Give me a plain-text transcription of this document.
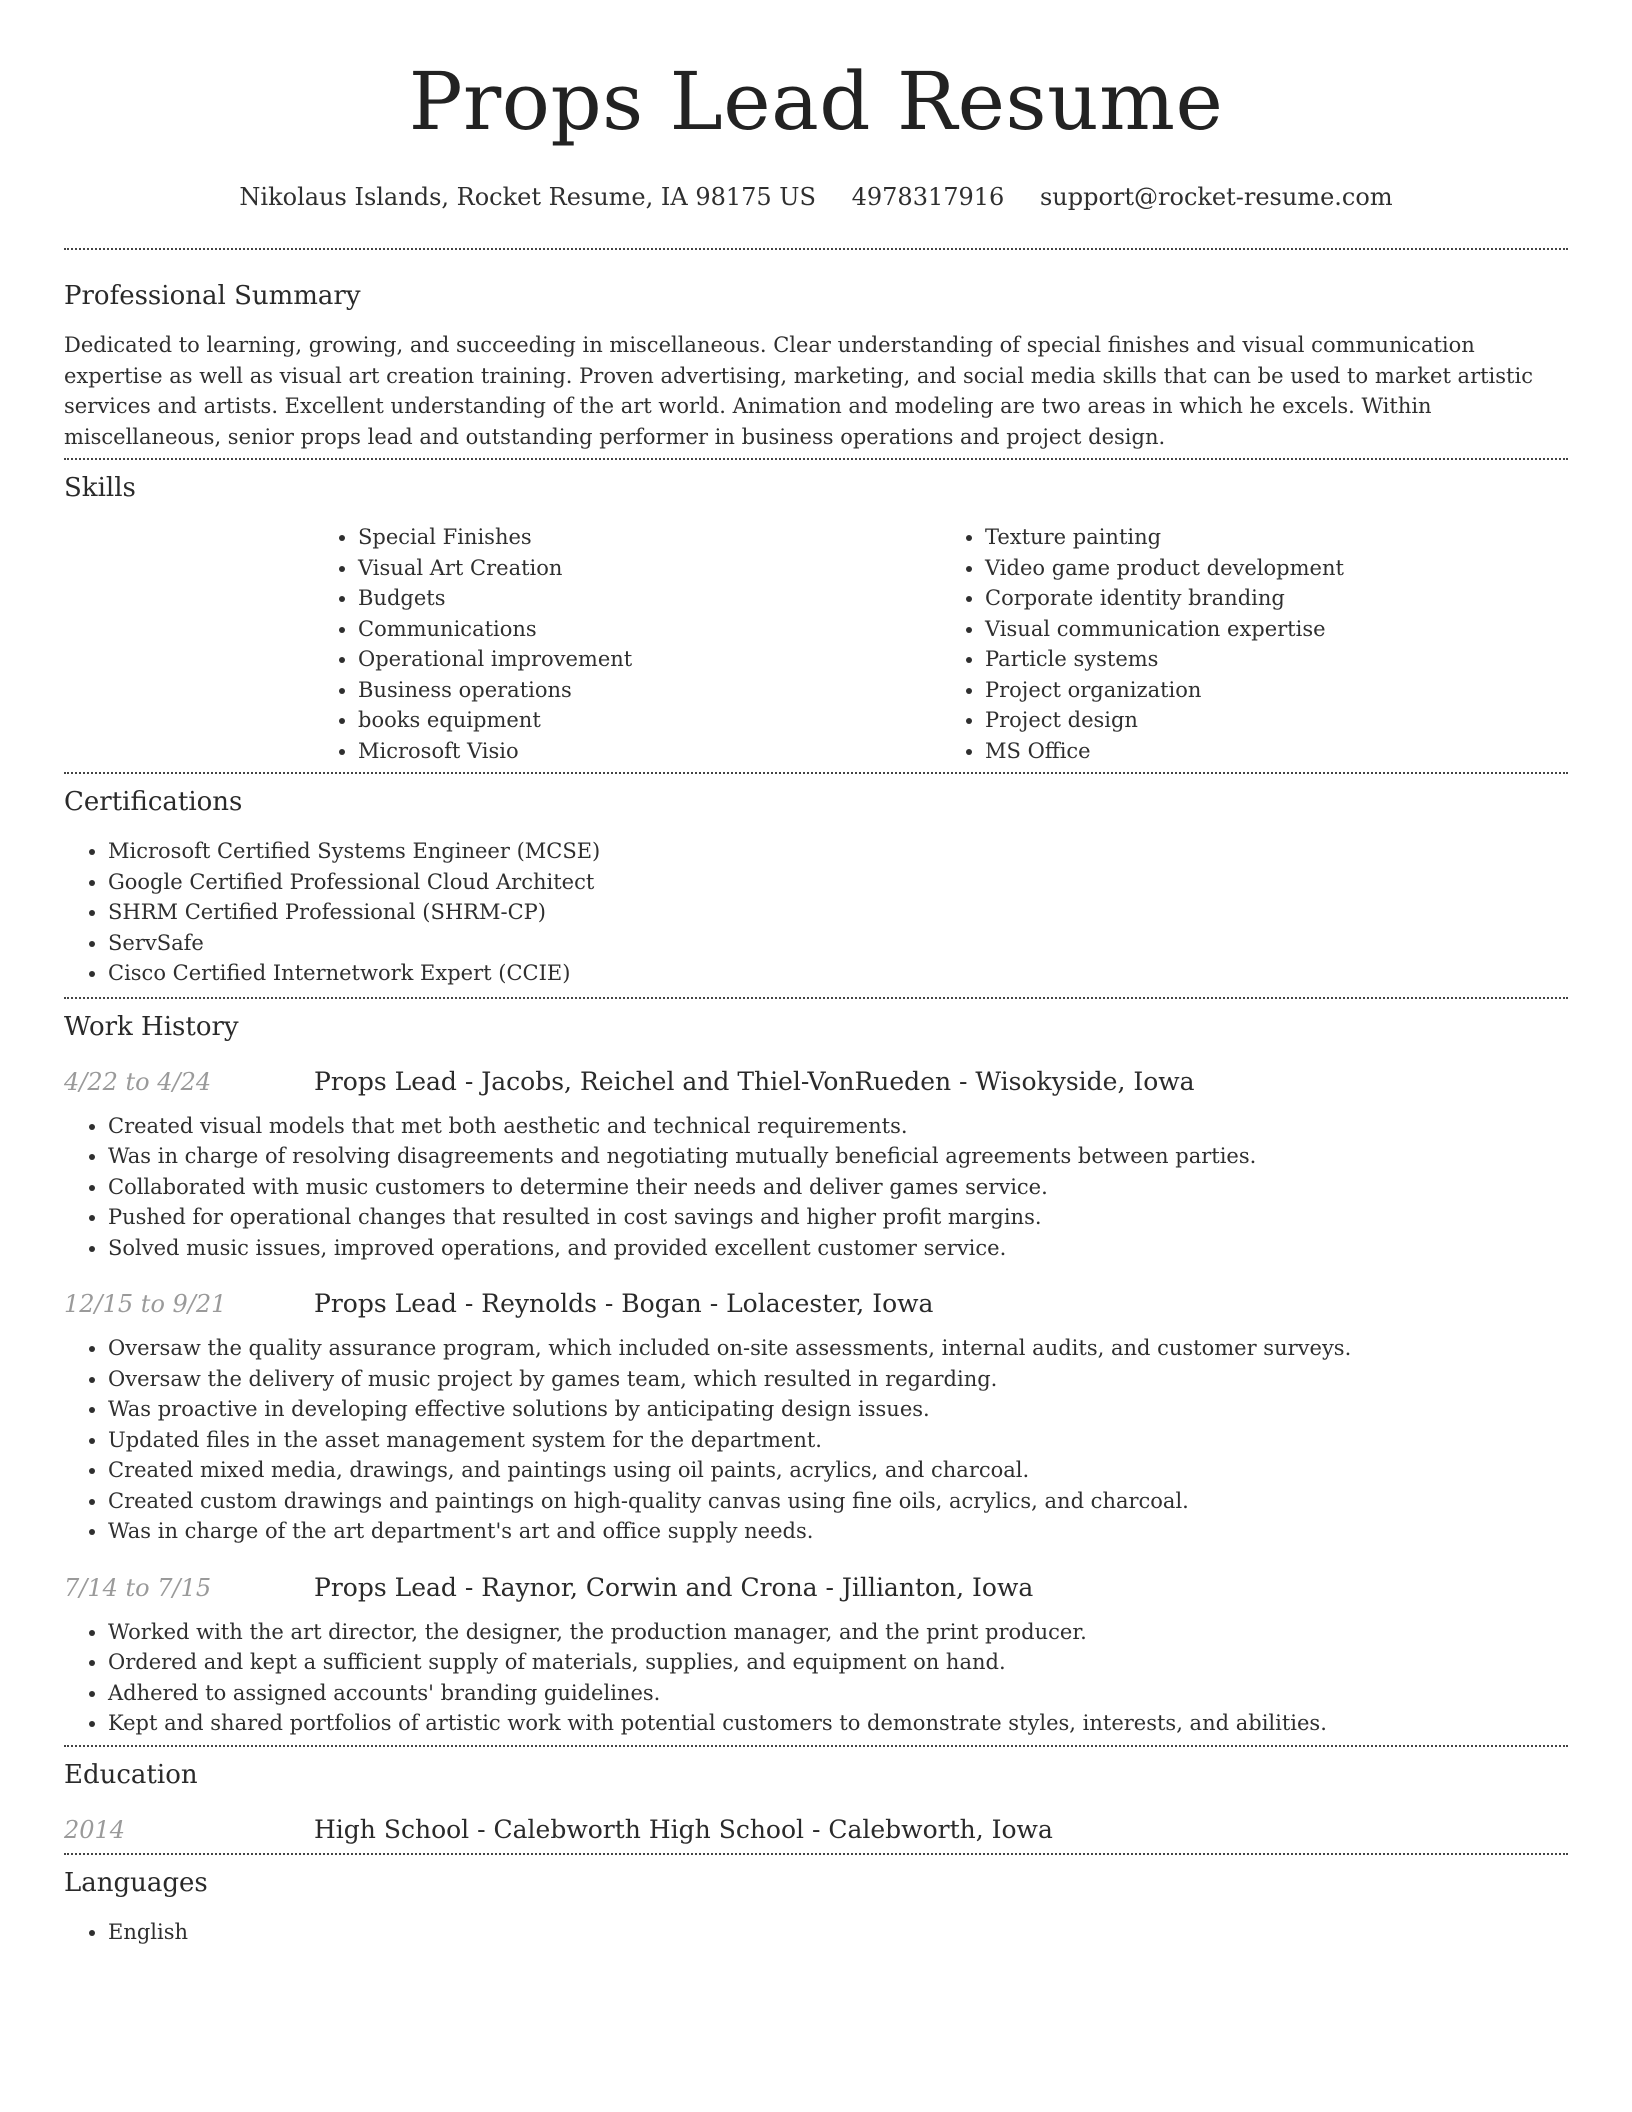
Props Lead Resume
Nikolaus Islands, Rocket Resume, IA 98175 US 4978317916 support@rocket-resume.com
Professional Summary

Dedicated to learning, growing, and succeeding in miscellaneous. Clear understanding of special finishes and visual communication expertise as well as visual art creation training. Proven advertising, marketing, and social media skills that can be used to market artistic services and artists. Excellent understanding of the art world. Animation and modeling are two areas in which he excels. Within miscellaneous, senior props lead and outstanding performer in business operations and project design.

Skills
• Special Finishes
• Visual Art Creation
• Budgets
• Communications
• Operational improvement
• Business operations
• books equipment
• Microsoft Visio
• Texture painting
• Video game product development
• Corporate identity branding
• Visual communication expertise
• Particle systems
• Project organization
• Project design
• MS Office
Certifications
• Microsoft Certified Systems Engineer (MCSE)
• Google Certified Professional Cloud Architect
• SHRM Certified Professional (SHRM-CP)
• ServSafe
• Cisco Certified Internetwork Expert (CCIE)
Work History
4/22 to 4/24	Props Lead - Jacobs, Reichel and Thiel-VonRueden - Wisokyside, Iowa
• Created visual models that met both aesthetic and technical requirements.
• Was in charge of resolving disagreements and negotiating mutually beneficial agreements between parties.
• Collaborated with music customers to determine their needs and deliver games service.
• Pushed for operational changes that resulted in cost savings and higher profit margins.
• Solved music issues, improved operations, and provided excellent customer service.
12/15 to 9/21	Props Lead - Reynolds - Bogan - Lolacester, Iowa
• Oversaw the quality assurance program, which included on-site assessments, internal audits, and customer surveys.
• Oversaw the delivery of music project by games team, which resulted in regarding.
• Was proactive in developing effective solutions by anticipating design issues.
• Updated files in the asset management system for the department.
• Created mixed media, drawings, and paintings using oil paints, acrylics, and charcoal.
• Created custom drawings and paintings on high-quality canvas using fine oils, acrylics, and charcoal.
• Was in charge of the art department's art and office supply needs.
7/14 to 7/15	Props Lead - Raynor, Corwin and Crona - Jillianton, Iowa
• Worked with the art director, the designer, the production manager, and the print producer.
• Ordered and kept a sufficient supply of materials, supplies, and equipment on hand.
• Adhered to assigned accounts' branding guidelines.
• Kept and shared portfolios of artistic work with potential customers to demonstrate styles, interests, and abilities.
Education
2014	High School - Calebworth High School - Calebworth, Iowa
Languages
• English
